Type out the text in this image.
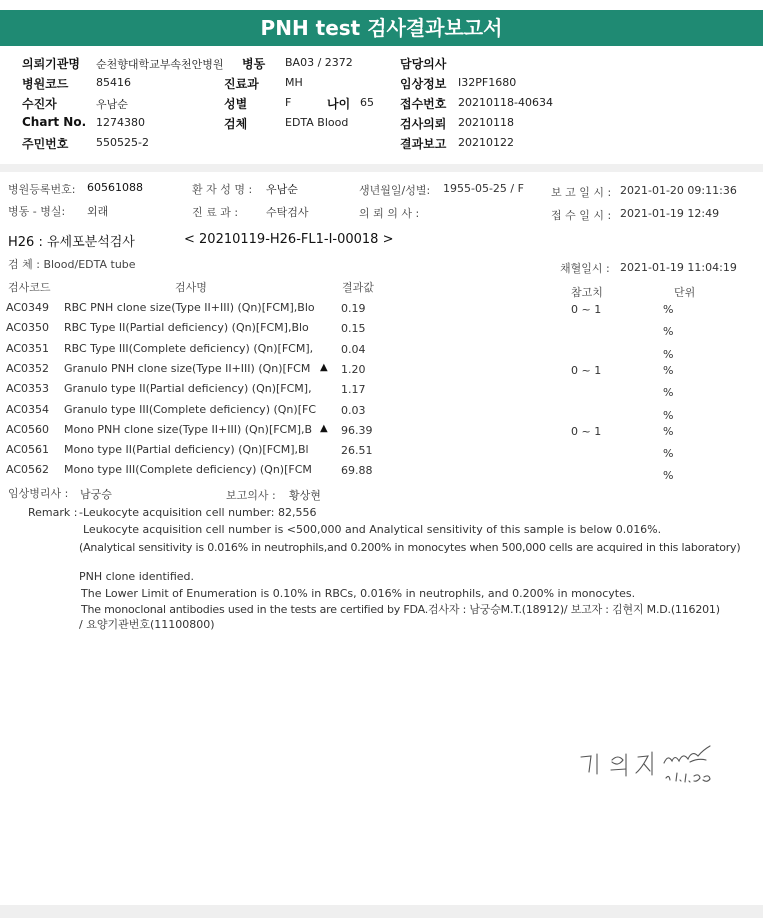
PNH test 검사결과보고서
의뢰기관명 순천향대학교부속천안병원 병동 BA03 / 2372	담당의사
병원코드	85416	진료과 MH	임상정보 I32PF1680
수진자	우남순	성별	F	나이 65 접수번호 20210118-40634
Chart No. 1274380	검체	EDTA Blood	검사의뢰 20210118
주민번호	550525-2	결과보고 20210122
병원등록번호: 60561088	환 자 성 명 : 우남순	생년월일/성별: 1955-05-25 / F 보 고 일 시 : 2021-01-20 09:11:36
병동 - 병실: 외래	진 료 과 :	수탁검사	의 뢰 의 사 :	접 수 일 시 : 2021-01-19 12:49
H26 : 유세포분석검사	< 20210119-H26-FL1-I-00018 >
검 체 : Blood/EDTA tube	채혈일시 : 2021-01-19 11:04:19
검사코드	검사명	결과값	참고치	단위
AC0349 RBC PNH clone size(Type II+III) (Qn)[FCM],Blo 0.19	0 ~ 1	%
AC0350 RBC Type II(Partial deficiency) (Qn)[FCM],Blo	0.15	%
AC0351 RBC Type III(Complete deficiency) (Qn)[FCM],	0.04	%
AC0352 Granulo PNH clone size(Type II+III) (Qn)[FCM ▲ 1.20	0 ~ 1	%
AC0353 Granulo type II(Partial deficiency) (Qn)[FCM],	1.17	%
AC0354 Granulo type III(Complete deficiency) (Qn)[FC 0.03	%
AC0560 Mono PNH clone size(Type II+III) (Qn)[FCM],B ▲ 96.39	0 ~ 1	%
AC0561 Mono type II(Partial deficiency) (Qn)[FCM],Bl	26.51	%
AC0562 Mono type III(Complete deficiency) (Qn)[FCM	69.88	%
임상병리사 : 남궁승	보고의사 : 황상현
Remark : -Leukocyte acquisition cell number: 82,556
Leukocyte acquisition cell number is <500,000 and Analytical sensitivity of this sample is below 0.016%.
(Analytical sensitivity is 0.016% in neutrophils,and 0.200% in monocytes when 500,000 cells are acquired in this laboratory)
PNH clone identified.
The Lower Limit of Enumeration is 0.10% in RBCs, 0.016% in neutrophils, and 0.200% in monocytes.
The monoclonal antibodies used in the tests are certified by FDA.검사자 : 남궁승M.T.(18912)/ 보고자 : 김현지 M.D.(116201)
/ 요양기관번호(11100800)
